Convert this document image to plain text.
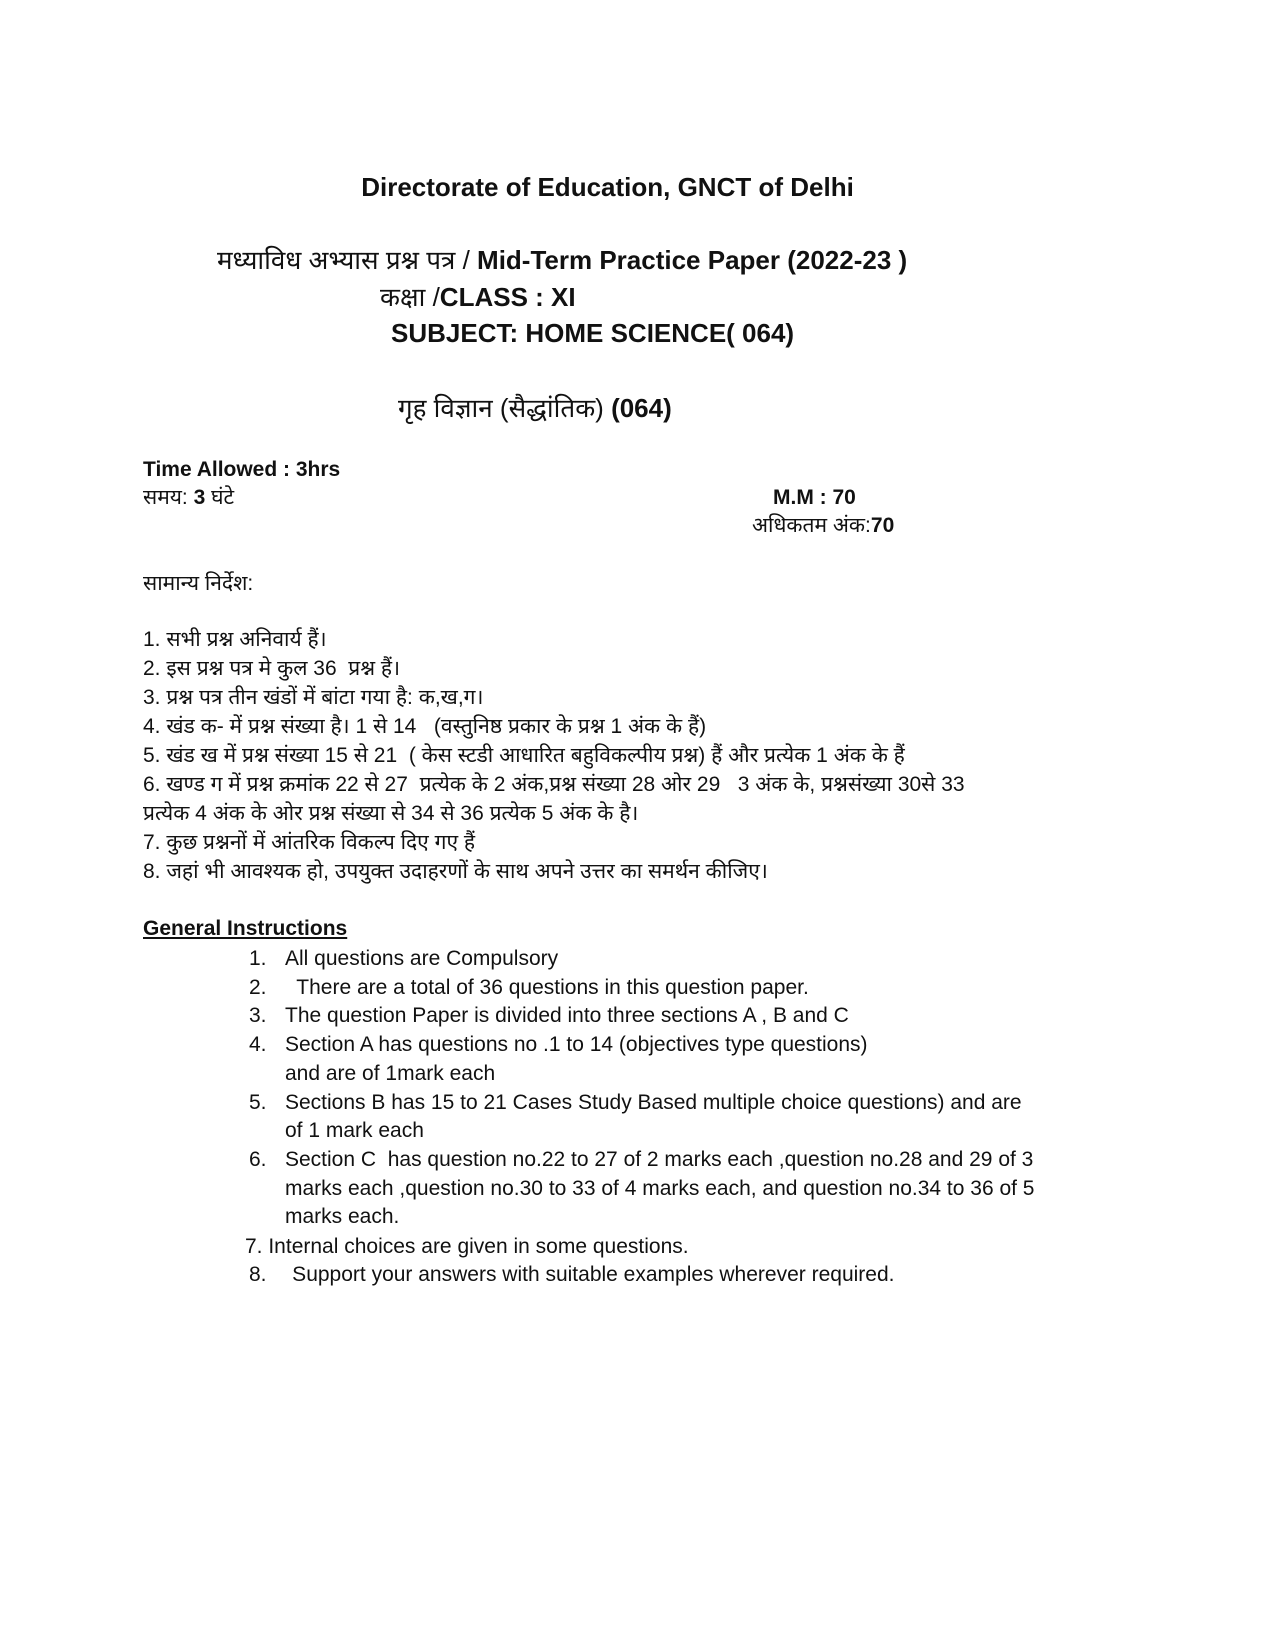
Directorate of Education, GNCT of Delhi
मध्याविध अभ्यास प्रश्न पत्र / Mid-Term Practice Paper (2022-23 )
कक्षा /CLASS : XI
SUBJECT: HOME SCIENCE( 064)
गृह विज्ञान (सैद्धांतिक) (064)
Time Allowed : 3hrs
समय: 3 घंटे	M.M : 70
अधिकतम अंक:70
सामान्य निर्देश:
1. सभी प्रश्न अनिवार्य हैं।
2. इस प्रश्न पत्र मे कुल 36  प्रश्न हैं।
3. प्रश्न पत्र तीन खंडों में बांटा गया है: क,ख,ग।
4. खंड क- में प्रश्न संख्या है। 1 से 14   (वस्तुनिष्ठ प्रकार के प्रश्न 1 अंक के हैं)
5. खंड ख में प्रश्न संख्या 15 से 21  ( केस स्टडी आधारित बहुविकल्पीय प्रश्न) हैं और प्रत्येक 1 अंक के हैं
6. खण्ड ग में प्रश्न क्रमांक 22 से 27  प्रत्येक के 2 अंक,प्रश्न संख्या 28 ओर 29   3 अंक के, प्रश्नसंख्या 30से 33
प्रत्येक 4 अंक के ओर प्रश्न संख्या से 34 से 36 प्रत्येक 5 अंक के है।
7. कुछ प्रश्ननों में आंतरिक विकल्प दिए गए हैं
8. जहां भी आवश्यक हो, उपयुक्त उदाहरणों के साथ अपने उत्तर का समर्थन कीजिए।
General Instructions
1. All questions are Compulsory
2. There are a total of 36 questions in this question paper.
3. The question Paper is divided into three sections A , B and C
4. Section A has questions no .1 to 14 (objectives type questions)
and are of 1mark each
5. Sections B has 15 to 21 Cases Study Based multiple choice questions) and are
of 1 mark each
6. Section C  has question no.22 to 27 of 2 marks each ,question no.28 and 29 of 3
marks each ,question no.30 to 33 of 4 marks each, and question no.34 to 36 of 5
marks each.
7. Internal choices are given in some questions.
8.  Support your answers with suitable examples wherever required.
